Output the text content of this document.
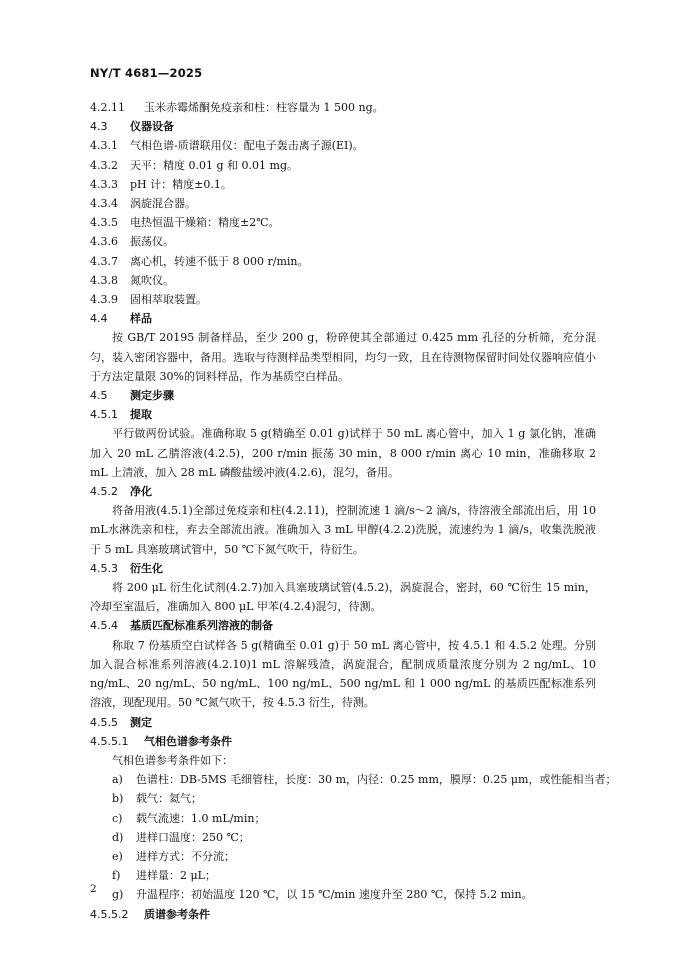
NY/T 4681—2025
4.2.11	玉米赤霉烯酮免疫亲和柱：柱容量为 1 500 ng。
4.3	仪器设备
4.3.1	气相色谱-质谱联用仪：配电子轰击离子源(EI)。
4.3.2	天平：精度 0.01 g 和 0.01 mg。
4.3.3	pH 计：精度±0.1。
4.3.4	涡旋混合器。
4.3.5	电热恒温干燥箱：精度±2℃。
4.3.6	振荡仪。
4.3.7	离心机，转速不低于 8 000 r/min。
4.3.8	氮吹仪。
4.3.9	固相萃取装置。
4.4	样品
按 GB/T 20195 制备样品，至少 200 g，粉碎使其全部通过 0.425 mm 孔径的分析筛，充分混匀，装入密闭容器中，备用。选取与待测样品类型相同，均匀一致，且在待测物保留时间处仪器响应值小于方法定量限 30%的饲料样品，作为基质空白样品。
4.5	测定步骤
4.5.1	提取
平行做两份试验。准确称取 5 g(精确至 0.01 g)试样于 50 mL 离心管中，加入 1 g 氯化钠，准确加入 20 mL 乙腈溶液(4.2.5)，200 r/min 振荡 30 min，8 000 r/min 离心 10 min，准确移取 2 mL 上清液，加入 28 mL 磷酸盐缓冲液(4.2.6)，混匀，备用。
4.5.2	净化
将备用液(4.5.1)全部过免疫亲和柱(4.2.11)，控制流速 1 滴/s～2 滴/s，待溶液全部流出后，用 10 mL水淋洗亲和柱，弃去全部流出液。准确加入 3 mL 甲醇(4.2.2)洗脱，流速约为 1 滴/s，收集洗脱液于 5 mL 具塞玻璃试管中，50 ℃下氮气吹干，待衍生。
4.5.3	衍生化
将 200 μL 衍生化试剂(4.2.7)加入具塞玻璃试管(4.5.2)，涡旋混合，密封，60 ℃衍生 15 min，冷却至室温后，准确加入 800 μL 甲苯(4.2.4)混匀，待测。
4.5.4	基质匹配标准系列溶液的制备
称取 7 份基质空白试样各 5 g(精确至 0.01 g)于 50 mL 离心管中，按 4.5.1 和 4.5.2 处理。分别加入混合标准系列溶液(4.2.10)1 mL 溶解残渣，涡旋混合，配制成质量浓度分别为 2 ng/mL、10 ng/mL、20 ng/mL、50 ng/mL、100 ng/mL、500 ng/mL 和 1 000 ng/mL 的基质匹配标准系列溶液，现配现用。50 ℃氮气吹干，按 4.5.3 衍生，待测。
4.5.5	测定
4.5.5.1	气相色谱参考条件
气相色谱参考条件如下：
a)	色谱柱：DB-5MS 毛细管柱，长度：30 m，内径：0.25 mm，膜厚：0.25 μm，或性能相当者；
b)	载气：氦气；
c)	载气流速：1.0 mL/min；
d)	进样口温度：250 ℃；
e)	进样方式：不分流；
f)	进样量：2 μL；
g)	升温程序：初始温度 120 ℃，以 15 ℃/min 速度升至 280 ℃，保持 5.2 min。
4.5.5.2	质谱参考条件
2
